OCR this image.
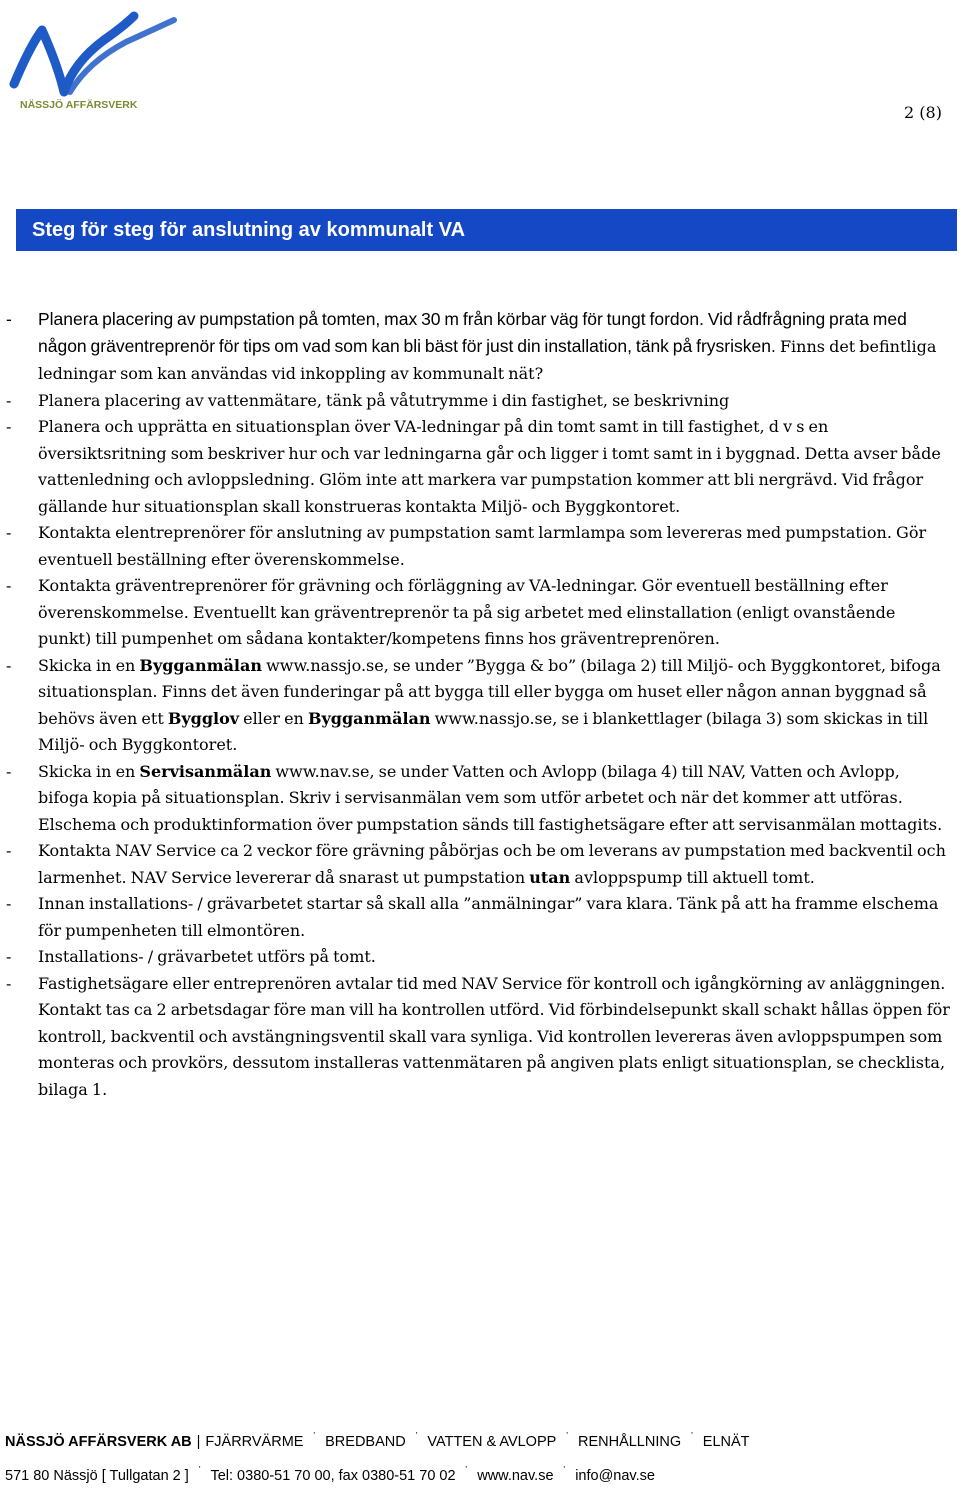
NÄSSJÖ AFFÄRSVERK	2 (8)
Steg för steg för anslutning av kommunalt VA
- Planera placering av pumpstation på tomten, max 30 m från körbar väg för tungt fordon. Vid rådfrågning prata med någon gräventreprenör för tips om vad som kan bli bäst för just din installation, tänk på frysrisken. Finns det befintliga ledningar som kan användas vid inkoppling av kommunalt nät?
- Planera placering av vattenmätare, tänk på våtutrymme i din fastighet, se beskrivning
- Planera och upprätta en situationsplan över VA-ledningar på din tomt samt in till fastighet, d v s en översiktsritning som beskriver hur och var ledningarna går och ligger i tomt samt in i byggnad. Detta avser både vattenledning och avloppsledning. Glöm inte att markera var pumpstation kommer att bli nergrävd. Vid frågor gällande hur situationsplan skall konstrueras kontakta Miljö- och Byggkontoret.
- Kontakta elentreprenörer för anslutning av pumpstation samt larmlampa som levereras med pumpstation. Gör eventuell beställning efter överenskommelse.
- Kontakta gräventreprenörer för grävning och förläggning av VA-ledningar. Gör eventuell beställning efter överenskommelse. Eventuellt kan gräventreprenör ta på sig arbetet med elinstallation (enligt ovanstående punkt) till pumpenhet om sådana kontakter/kompetens finns hos gräventreprenören.
- Skicka in en Bygganmälan www.nassjo.se, se under ”Bygga & bo” (bilaga 2) till Miljö- och Byggkontoret, bifoga situationsplan. Finns det även funderingar på att bygga till eller bygga om huset eller någon annan byggnad så behövs även ett Bygglov eller en Bygganmälan www.nassjo.se, se i blankettlager (bilaga 3) som skickas in till Miljö- och Byggkontoret.
- Skicka in en Servisanmälan www.nav.se, se under Vatten och Avlopp (bilaga 4) till NAV, Vatten och Avlopp, bifoga kopia på situationsplan. Skriv i servisanmälan vem som utför arbetet och när det kommer att utföras. Elschema och produktinformation över pumpstation sänds till fastighetsägare efter att servisanmälan mottagits.
- Kontakta NAV Service ca 2 veckor före grävning påbörjas och be om leverans av pumpstation med backventil och larmenhet. NAV Service levererar då snarast ut pumpstation utan avloppspump till aktuell tomt.
- Innan installations- / grävarbetet startar så skall alla ”anmälningar” vara klara. Tänk på att ha framme elschema för pumpenheten till elmontören.
- Installations- / grävarbetet utförs på tomt.
- Fastighetsägare eller entreprenören avtalar tid med NAV Service för kontroll och igångkörning av anläggningen. Kontakt tas ca 2 arbetsdagar före man vill ha kontrollen utförd. Vid förbindelsepunkt skall schakt hållas öppen för kontroll, backventil och avstängningsventil skall vara synliga. Vid kontrollen levereras även avloppspumpen som monteras och provkörs, dessutom installeras vattenmätaren på angiven plats enligt situationsplan, se checklista, bilaga 1.
NÄSSJÖ AFFÄRSVERK AB | FJÄRRVÄRME·BREDBAND·VATTEN & AVLOPP·RENHÅLLNING·ELNÄT
571 80 Nässjö [ Tullgatan 2 ]·Tel: 0380-51 70 00, fax 0380-51 70 02·www.nav.se·info@nav.se
